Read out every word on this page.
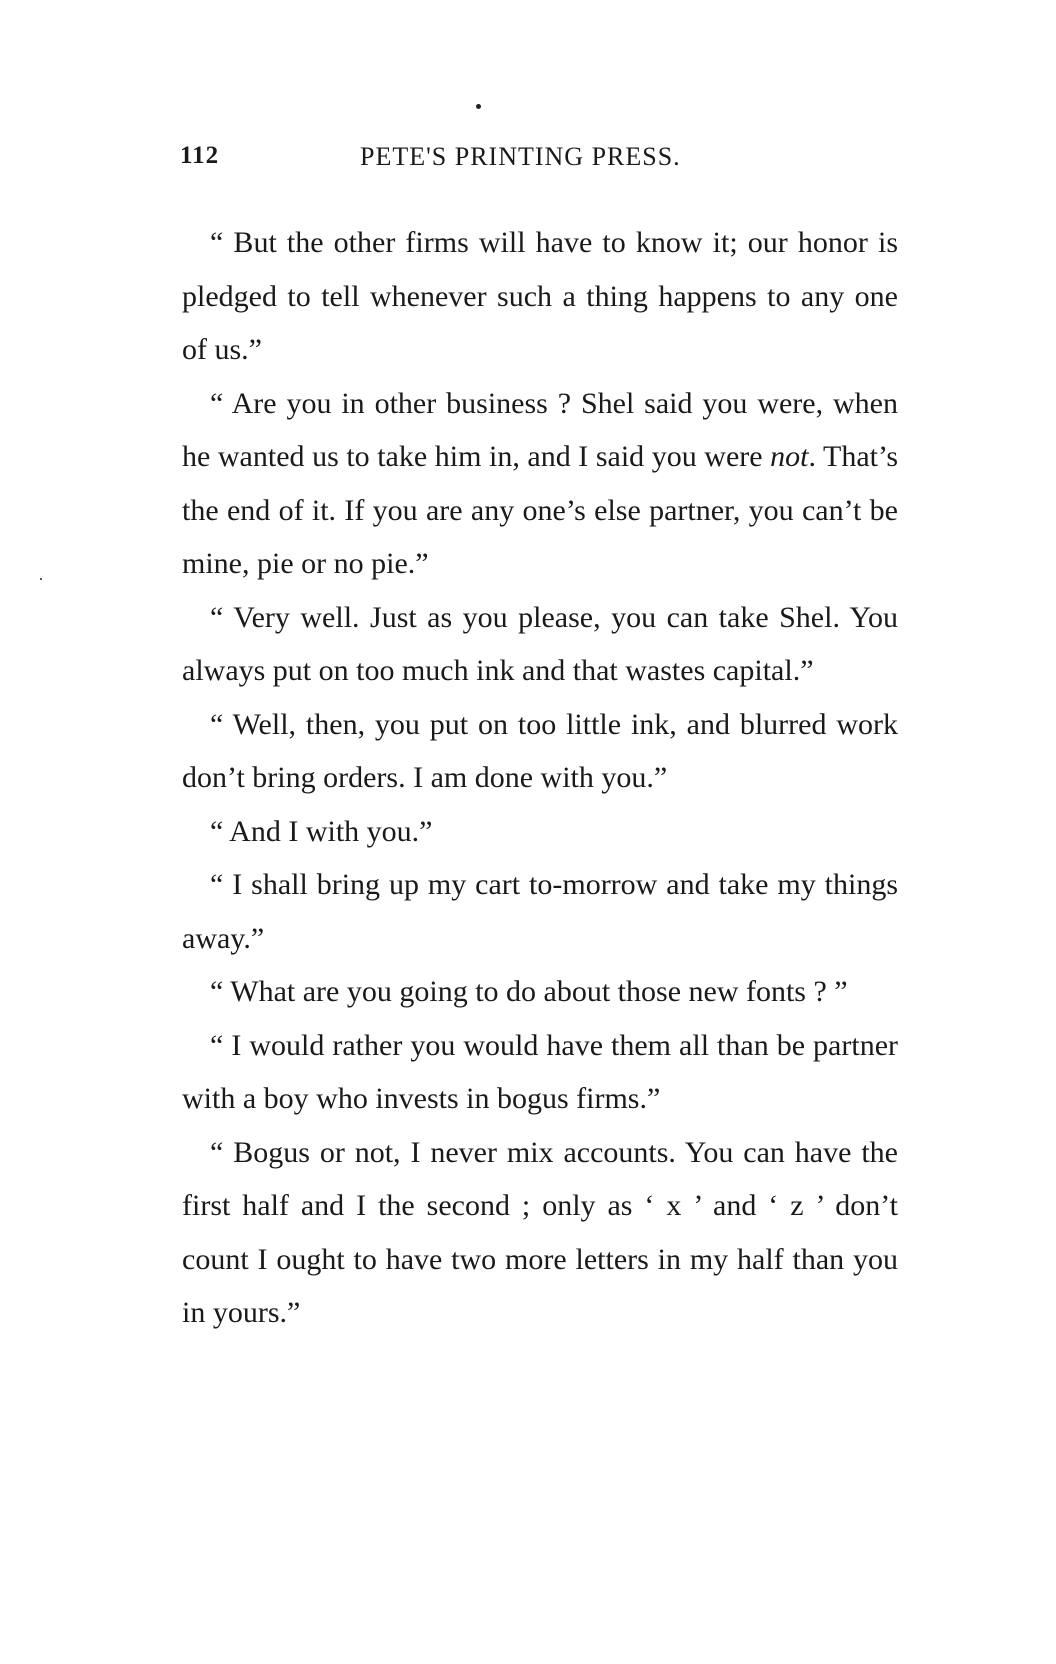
112	PETE'S PRINTING PRESS.

“ But the other firms will have to know it; our honor is pledged to tell whenever such a thing happens to any one of us.”

“ Are you in other business ? Shel said you were, when he wanted us to take him in, and I said you were not. That’s the end of it. If you are any one’s else partner, you can’t be mine, pie or no pie.”

“ Very well. Just as you please, you can take Shel. You always put on too much ink and that wastes capital.”

“ Well, then, you put on too little ink, and blurred work don’t bring orders. I am done with you.”

“ And I with you.”

“ I shall bring up my cart to-morrow and take my things away.”

“ What are you going to do about those new fonts ? ”

“ I would rather you would have them all than be partner with a boy who invests in bogus firms.”

“ Bogus or not, I never mix accounts. You can have the first half and I the second ; only as ‘ x ’ and ‘ z ’ don’t count I ought to have two more letters in my half than you in yours.”
